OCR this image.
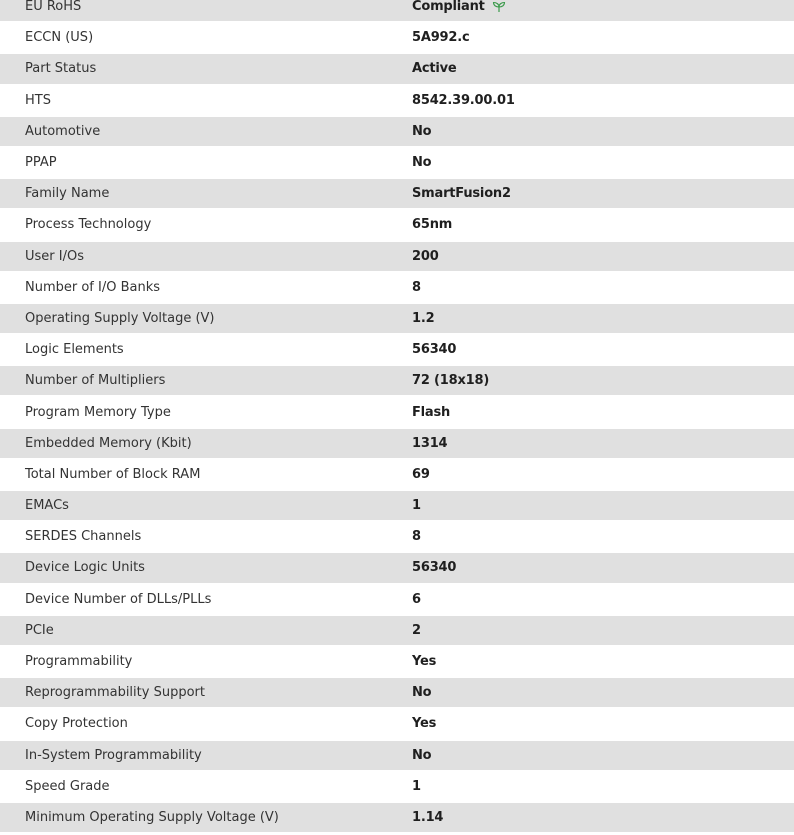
EU RoHS	Compliant
ECCN (US)	5A992.c
Part Status	Active
HTS	8542.39.00.01
Automotive	No
PPAP	No
Family Name	SmartFusion2
Process Technology	65nm
User I/Os	200
Number of I/O Banks	8
Operating Supply Voltage (V)	1.2
Logic Elements	56340
Number of Multipliers	72 (18x18)
Program Memory Type	Flash
Embedded Memory (Kbit)	1314
Total Number of Block RAM	69
EMACs	1
SERDES Channels	8
Device Logic Units	56340
Device Number of DLLs/PLLs	6
PCIe	2
Programmability	Yes
Reprogrammability Support	No
Copy Protection	Yes
In-System Programmability	No
Speed Grade	1
Minimum Operating Supply Voltage (V)	1.14
